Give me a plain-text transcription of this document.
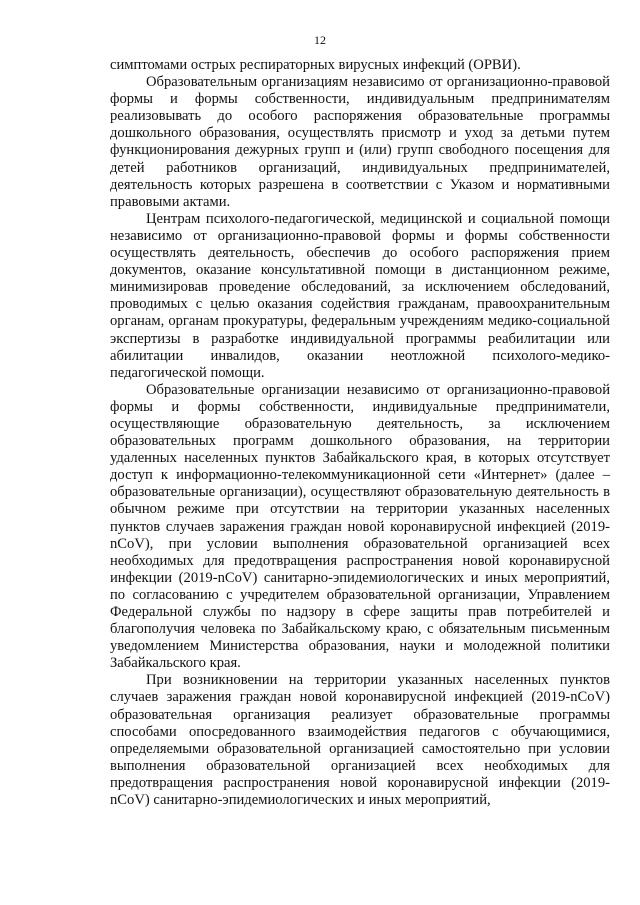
12

симптомами острых респираторных вирусных инфекций (ОРВИ).

Образовательным организациям независимо от организационно-правовой формы и формы собственности, индивидуальным предпринимателям реализовывать до особого распоряжения образовательные программы дошкольного образования, осуществлять присмотр и уход за детьми путем функционирования дежурных групп и (или) групп свободного посещения для детей работников организаций, индивидуальных предпринимателей, деятельность которых разрешена в соответствии с Указом и нормативными правовыми актами.

Центрам психолого-педагогической, медицинской и социальной помощи независимо от организационно-правовой формы и формы собственности осуществлять деятельность, обеспечив до особого распоряжения прием документов, оказание консультативной помощи в дистанционном режиме, минимизировав проведение обследований, за исключением обследований, проводимых с целью оказания содействия гражданам, правоохранительным органам, органам прокуратуры, федеральным учреждениям медико-социальной экспертизы в разработке индивидуальной программы реабилитации или абилитации инвалидов, оказании неотложной психолого-медико-педагогической помощи.

Образовательные организации независимо от организационно-правовой формы и формы собственности, индивидуальные предприниматели, осуществляющие образовательную деятельность, за исключением образовательных программ дошкольного образования, на территории удаленных населенных пунктов Забайкальского края, в которых отсутствует доступ к информационно-телекоммуникационной сети «Интернет» (далее – образовательные организации), осуществляют образовательную деятельность в обычном режиме при отсутствии на территории указанных населенных пунктов случаев заражения граждан новой коронавирусной инфекцией (2019-nCoV), при условии выполнения образовательной организацией всех необходимых для предотвращения распространения новой коронавирусной инфекции (2019-nCoV) санитарно-эпидемиологических и иных мероприятий, по согласованию с учредителем образовательной организации, Управлением Федеральной службы по надзору в сфере защиты прав потребителей и благополучия человека по Забайкальскому краю, с обязательным письменным уведомлением Министерства образования, науки и молодежной политики Забайкальского края.

При возникновении на территории указанных населенных пунктов случаев заражения граждан новой коронавирусной инфекцией (2019-nCoV) образовательная организация реализует образовательные программы способами опосредованного взаимодействия педагогов с обучающимися, определяемыми образовательной организацией самостоятельно при условии выполнения образовательной организацией всех необходимых для предотвращения распространения новой коронавирусной инфекции (2019-nCoV) санитарно-эпидемиологических и иных мероприятий,
